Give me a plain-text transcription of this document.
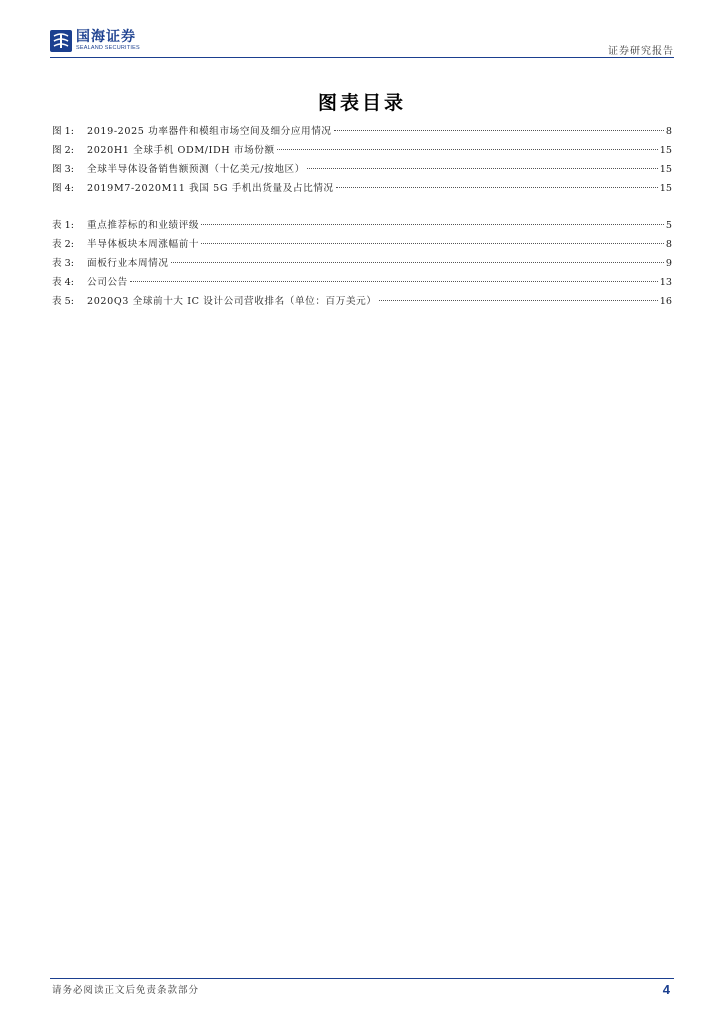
国海证券
SEALAND SECURITIES	证券研究报告
图表目录
图 1:	2019-2025 功率器件和模组市场空间及细分应用情况	8
图 2:	2020H1 全球手机 ODM/IDH 市场份额	15
图 3:	全球半导体设备销售额预测（十亿美元/按地区）	15
图 4:	2019M7-2020M11 我国 5G 手机出货量及占比情况	15
表 1:	重点推荐标的和业绩评级	5
表 2:	半导体板块本周涨幅前十	8
表 3:	面板行业本周情况	9
表 4:	公司公告	13
表 5:	2020Q3 全球前十大 IC 设计公司营收排名（单位：百万美元）	16
请务必阅读正文后免责条款部分	4
